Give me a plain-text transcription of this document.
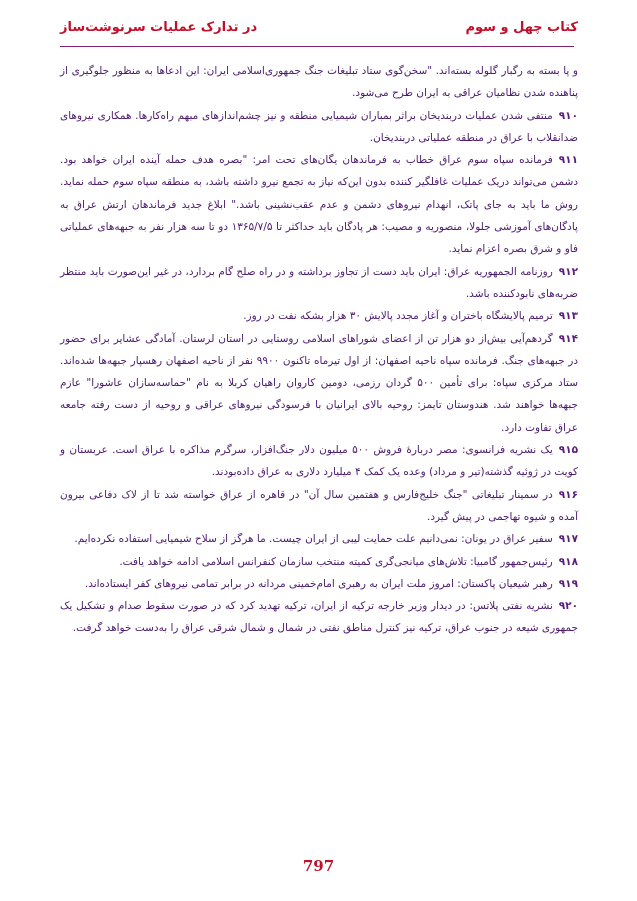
کتاب چهل و سوم
در تدارک عملیات سرنوشت‌ساز

و پا بسته به رگبار گلوله بسته‌اند. "سخن‌گوی ستاد تبلیغات جنگ جمهوری‌اسلامی ایران: این ادعاها به منظور جلوگیری از پناهنده شدن نظامیان عراقی به ایران طرح می‌شود.

۹۱۰منتفی شدن عملیات دربندیخان براثر بمباران شیمیایی منطقه و نیز چشم‌اندازهای مبهم راه‌کارها. همکاری نیروهای ضدانقلاب با عراق در منطقه عملیاتی دربندیخان.

۹۱۱فرمانده سپاه سوم عراق خطاب به فرماندهان یگان‌های تحت امر: "بصره هدف حمله آینده ایران خواهد بود. دشمن می‌تواند دریک عملیات غافلگیر کننده بدون این‌که نیاز به تجمع نیرو داشته باشد، به منطقه سپاه سوم حمله نماید. روش ما باید به جای پاتک، انهدام نیروهای دشمن و عدم عقب‌نشینی باشد." ابلاغ جدید فرماندهان ارتش عراق به پادگان‌های آموزشی جلولا، منصوریه و مصیب: هر پادگان باید حداکثر تا ۱۳۶۵/۷/۵ دو تا سه هزار نفر به جبهه‌های عملیاتی فاو و شرق بصره اعزام نماید.

۹۱۲روزنامه الجمهوریه عراق: ایران باید دست از تجاوز برداشته و در راه صلح گام بردارد، در غیر این‌صورت باید منتظر ضربه‌های نابودکننده باشد.

۹۱۳ترمیم پالایشگاه باختران و آغاز مجدد پالایش ۳۰ هزار بشکه نفت در روز.

۹۱۴گردهم‌آیی بیش‌از دو هزار تن از اعضای شوراهای اسلامی روستایی در استان لرستان. آمادگی عشایر برای حضور در جبهه‌های جنگ. فرمانده سپاه ناحیه اصفهان: از اول تیرماه تاکنون ۹۹۰۰ نفر از ناحیه اصفهان رهسپار جبهه‌ها شده‌اند. ستاد مرکزی سپاه: برای تأمین ۵۰۰ گردان رزمی، دومین کاروان راهیان کربلا به نام "حماسه‌سازان عاشورا" عازم جبهه‌ها خواهند شد. هندوستان تایمز: روحیه بالای ایرانیان با فرسودگی نیروهای عراقی و روحیه از دست رفته جامعه عراق تفاوت دارد.

۹۱۵یک نشریه فرانسوی: مصر دربارهٔ فروش ۵۰۰ میلیون دلار جنگ‌افزار، سرگرم مذاکره با عراق است. عربستان و کویت در ژوئیه گذشته(تیر و مرداد) وعده یک کمک ۴ میلیارد دلاری به عراق داده‌بودند.

۹۱۶در سمینار تبلیغاتی "جنگ خلیج‌فارس و هفتمین سال آن" در قاهره از عراق خواسته شد تا از لاک دفاعی بیرون آمده و شیوه تهاجمی در پیش گیرد.

۹۱۷سفیر عراق در یونان: نمی‌دانیم علت حمایت لیبی از ایران چیست. ما هرگز از سلاح شیمیایی استفاده نکرده‌ایم.

۹۱۸رئیس‌جمهور گامبیا: تلاش‌های میانجی‌گری کمیته منتخب سازمان کنفرانس اسلامی ادامه خواهد یافت.

۹۱۹رهبر شیعیان پاکستان: امروز ملت ایران به رهبری امام‌خمینی مردانه در برابر تمامی نیروهای کفر ایستاده‌اند.

۹۲۰نشریه نفتی پلاتس: در دیدار وزیر خارجه ترکیه از ایران، ترکیه تهدید کرد که در صورت سقوط صدام و تشکیل یک جمهوری شیعه در جنوب عراق، ترکیه نیز کنترل مناطق نفتی در شمال و شمال شرقی عراق را به‌دست خواهد گرفت.

797
